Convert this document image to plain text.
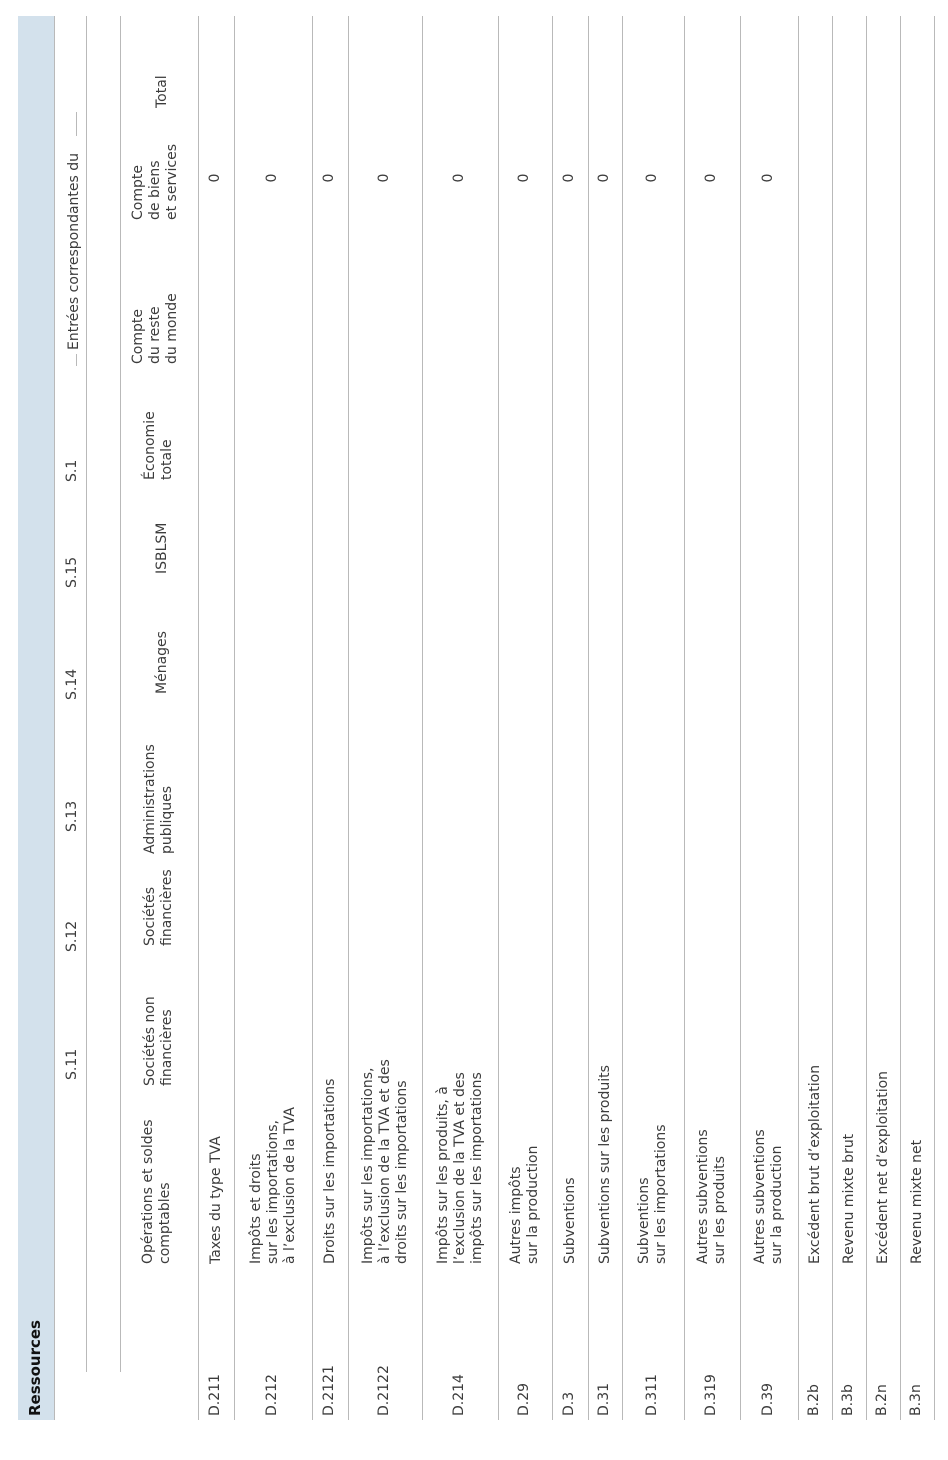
Ressources
S.11
S.12
S.13
S.14
S.15
S.1
Entrées correspondantes du
Opérations et soldes
comptables
Sociétés non
financières
Sociétés
financières
Administrations
publiques
Ménages
ISBLSM
Économie
totale
Compte
du reste
du monde
Compte
de biens
et services
Total
D.211
Taxes du type TVA
0
D.212
Impôts et droits
sur les importations,
à l’exclusion de la TVA
0
D.2121
Droits sur les importations
0
D.2122
Impôts sur les importations,
à l’exclusion de la TVA et des
droits sur les importations
0
D.214
Impôts sur les produits, à
l’exclusion de la TVA et des
impôts sur les importations
0
D.29
Autres impôts
sur la production
0
D.3
Subventions
0
D.31
Subventions sur les produits
0
D.311
Subventions
sur les importations
0
D.319
Autres subventions
sur les produits
0
D.39
Autres subventions
sur la production
0
B.2b
Excédent brut d’exploitation
B.3b
Revenu mixte brut
B.2n
Excédent net d’exploitation
B.3n
Revenu mixte net
